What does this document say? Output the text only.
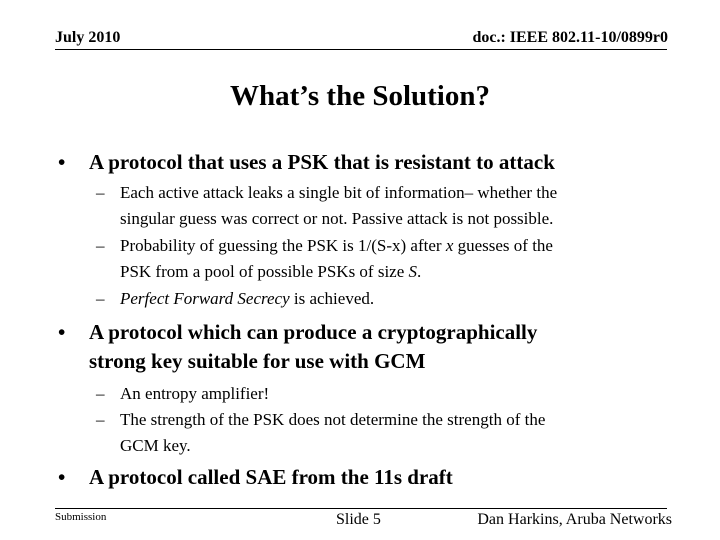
July 2010	doc.: IEEE 802.11-10/0899r0
What’s the Solution?
• A protocol that uses a PSK that is resistant to attack
– Each active attack leaks a single bit of information– whether the
singular guess was correct or not. Passive attack is not possible.
– Probability of guessing the PSK is 1/(S-x) after x guesses of the
PSK from a pool of possible PSKs of size S.
– Perfect Forward Secrecy is achieved.
• A protocol which can produce a cryptographically
strong key suitable for use with GCM
– An entropy amplifier!
– The strength of the PSK does not determine the strength of the
GCM key.
• A protocol called SAE from the 11s draft
Submission	Slide 5	Dan Harkins, Aruba Networks
